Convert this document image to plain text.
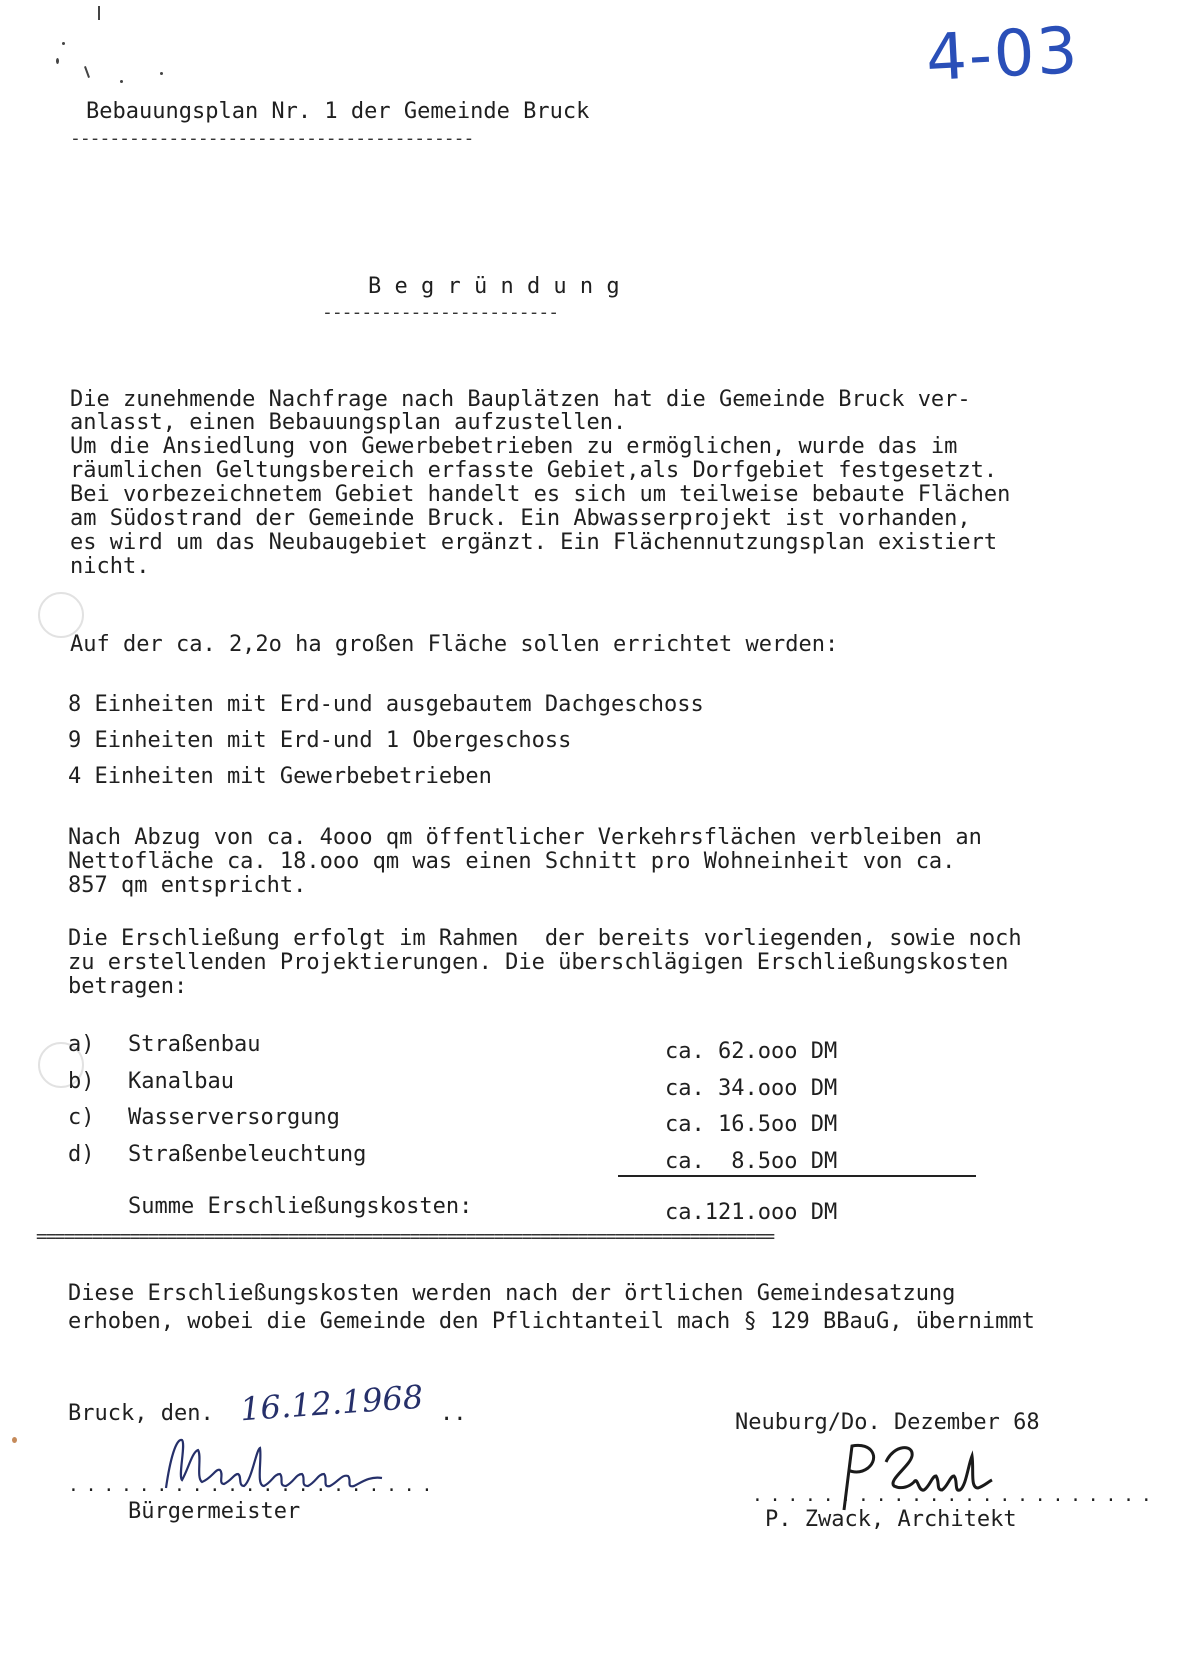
4-03
Bebauungsplan Nr. 1 der Gemeinde Bruck
-----------------------------------------
B e g r ü n d u n g
------------------------
Die zunehmende Nachfrage nach Bauplätzen hat die Gemeinde Bruck ver-
anlasst, einen Bebauungsplan aufzustellen.
Um die Ansiedlung von Gewerbebetrieben zu ermöglichen, wurde das im
räumlichen Geltungsbereich erfasste Gebiet,als Dorfgebiet festgesetzt.
Bei vorbezeichnetem Gebiet handelt es sich um teilweise bebaute Flächen
am Südostrand der Gemeinde Bruck. Ein Abwasserprojekt ist vorhanden,
es wird um das Neubaugebiet ergänzt. Ein Flächennutzungsplan existiert
nicht.
Auf der ca. 2,2o ha großen Fläche sollen errichtet werden:
8 Einheiten mit Erd-und ausgebautem Dachgeschoss
9 Einheiten mit Erd-und 1 Obergeschoss
4 Einheiten mit Gewerbebetrieben
Nach Abzug von ca. 4ooo qm öffentlicher Verkehrsflächen verbleiben an
Nettofläche ca. 18.ooo qm was einen Schnitt pro Wohneinheit von ca.
857 qm entspricht.
Die Erschließung erfolgt im Rahmen  der bereits vorliegenden, sowie noch
zu erstellenden Projektierungen. Die überschlägigen Erschließungskosten
betragen:
a) Straßenbau	ca. 62.ooo DM
b) Kanalbau	ca. 34.ooo DM
c) Wasserversorgung	ca. 16.5oo DM
d) Straßenbeleuchtung	ca.  8.5oo DM
Summe Erschließungskosten:	ca.121.ooo DM
===============================================================================
Diese Erschließungskosten werden nach der örtlichen Gemeindesatzung
erhoben, wobei die Gemeinde den Pflichtanteil mach § 129 BBauG, übernimmt
Bruck, den. 16.12.1968 ..
. . . . . . . . . . . . . . . . . . . . .
Bürgermeister
Neuburg/Do. Dezember 68
. . . . . . . . . . . . . . . . . . . . . . .
P. Zwack, Architekt
